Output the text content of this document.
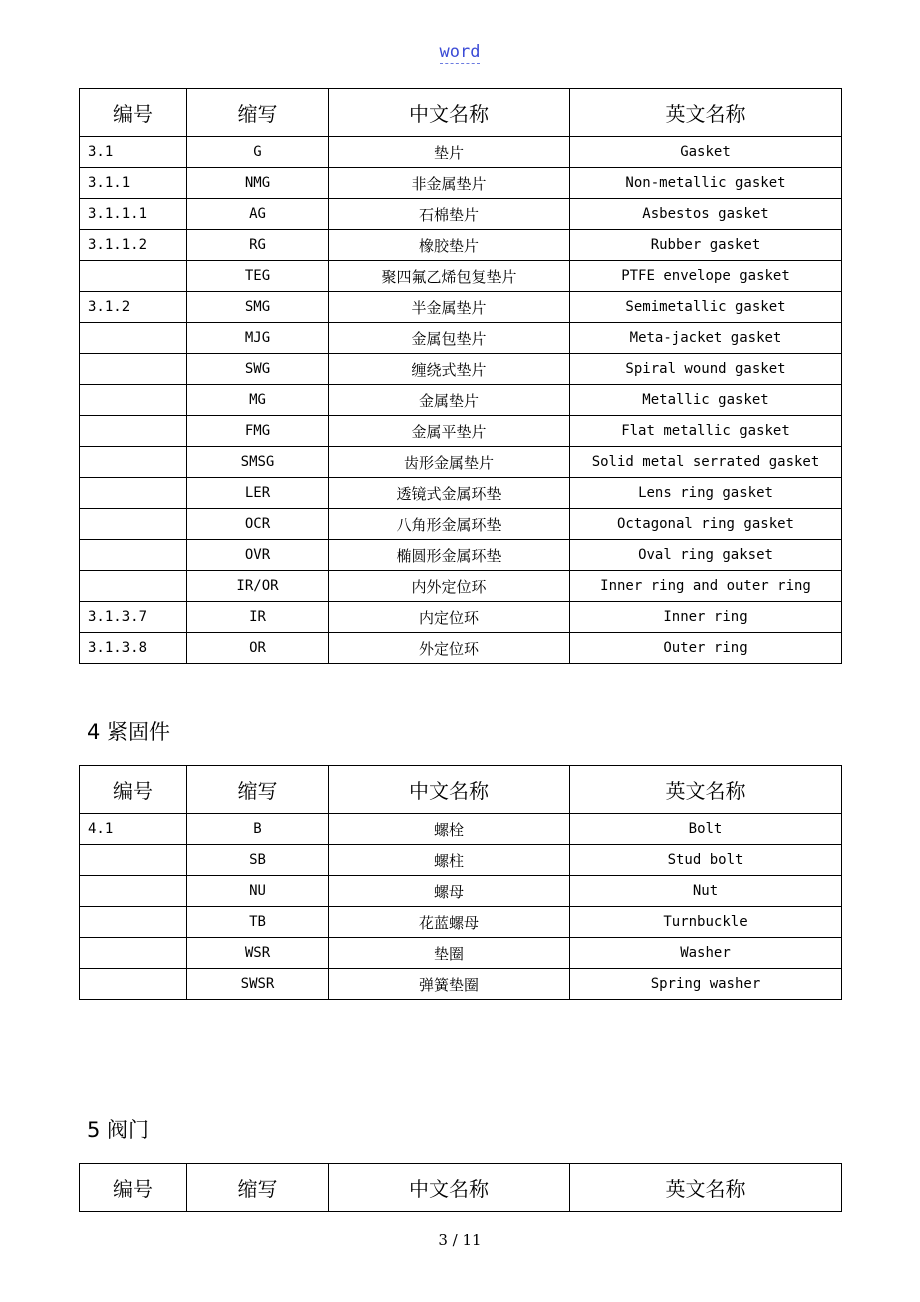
word
编号	缩写	中文名称	英文名称
3.1	G	垫片	Gasket
3.1.1	NMG	非金属垫片	Non-metallic gasket
3.1.1.1	AG	石棉垫片	Asbestos gasket
3.1.1.2	RG	橡胶垫片	Rubber gasket
	TEG	聚四氟乙烯包复垫片	PTFE envelope gasket
3.1.2	SMG	半金属垫片	Semimetallic gasket
	MJG	金属包垫片	Meta-jacket gasket
	SWG	缠绕式垫片	Spiral wound gasket
	MG	金属垫片	Metallic gasket
	FMG	金属平垫片	Flat metallic gasket
	SMSG	齿形金属垫片	Solid metal serrated gasket
	LER	透镜式金属环垫	Lens ring gasket
	OCR	八角形金属环垫	Octagonal ring gasket
	OVR	椭圆形金属环垫	Oval ring gakset
	IR/OR	内外定位环	Inner ring and outer ring
3.1.3.7	IR	内定位环	Inner ring
3.1.3.8	OR	外定位环	Outer ring
4 紧固件
编号	缩写	中文名称	英文名称
4.1	B	螺栓	Bolt
	SB	螺柱	Stud bolt
	NU	螺母	Nut
	TB	花蓝螺母	Turnbuckle
	WSR	垫圈	Washer
	SWSR	弹簧垫圈	Spring washer
5 阀门
编号	缩写	中文名称	英文名称
3 / 11
